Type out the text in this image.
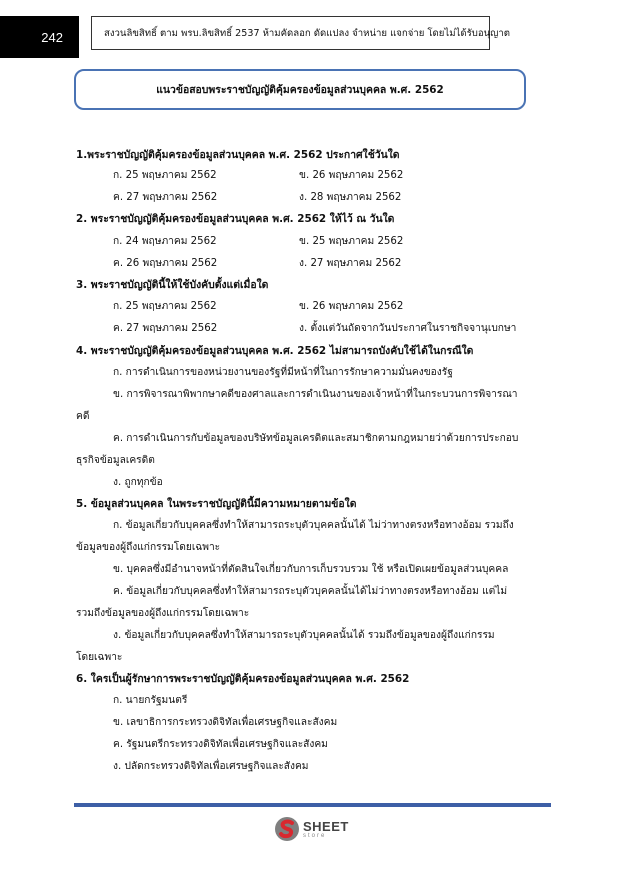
242	สงวนลิขสิทธิ์ ตาม พรบ.ลิขสิทธิ์ 2537 ห้ามคัดลอก ดัดแปลง จำหน่าย แจกจ่าย โดยไม่ได้รับอนุญาต
แนวข้อสอบพระราชบัญญัติคุ้มครองข้อมูลส่วนบุคคล พ.ศ. 2562
1.พระราชบัญญัติคุ้มครองข้อมูลส่วนบุคคล พ.ศ. 2562 ประกาศใช้วันใด
ก. 25 พฤษภาคม 2562	ข. 26 พฤษภาคม 2562
ค. 27 พฤษภาคม 2562	ง. 28 พฤษภาคม 2562
2. พระราชบัญญัติคุ้มครองข้อมูลส่วนบุคคล พ.ศ. 2562 ให้ไว้ ณ วันใด
ก. 24 พฤษภาคม 2562	ข. 25 พฤษภาคม 2562
ค. 26 พฤษภาคม 2562	ง. 27 พฤษภาคม 2562
3. พระราชบัญญัตินี้ให้ใช้บังคับตั้งแต่เมื่อใด
ก. 25 พฤษภาคม 2562	ข. 26 พฤษภาคม 2562
ค. 27 พฤษภาคม 2562	ง. ตั้งแต่วันถัดจากวันประกาศในราชกิจจานุเบกษา
4. พระราชบัญญัติคุ้มครองข้อมูลส่วนบุคคล พ.ศ. 2562 ไม่สามารถบังคับใช้ได้ในกรณีใด
ก. การดำเนินการของหน่วยงานของรัฐที่มีหน้าที่ในการรักษาความมั่นคงของรัฐ
ข. การพิจารณาพิพากษาคดีของศาลและการดำเนินงานของเจ้าหน้าที่ในกระบวนการพิจารณา
คดี
ค. การดำเนินการกับข้อมูลของบริษัทข้อมูลเครดิตและสมาชิกตามกฎหมายว่าด้วยการประกอบ
ธุรกิจข้อมูลเครดิต
ง. ถูกทุกข้อ
5. ข้อมูลส่วนบุคคล ในพระราชบัญญัตินี้มีความหมายตามข้อใด
ก. ข้อมูลเกี่ยวกับบุคคลซึ่งทำให้สามารถระบุตัวบุคคลนั้นได้ ไม่ว่าทางตรงหรือทางอ้อม รวมถึง
ข้อมูลของผู้ถึงแก่กรรมโดยเฉพาะ
ข. บุคคลซึ่งมีอำนาจหน้าที่ตัดสินใจเกี่ยวกับการเก็บรวบรวม ใช้ หรือเปิดเผยข้อมูลส่วนบุคคล
ค. ข้อมูลเกี่ยวกับบุคคลซึ่งทำให้สามารถระบุตัวบุคคลนั้นได้ไม่ว่าทางตรงหรือทางอ้อม แต่ไม่
รวมถึงข้อมูลของผู้ถึงแก่กรรมโดยเฉพาะ
ง. ข้อมูลเกี่ยวกับบุคคลซึ่งทำให้สามารถระบุตัวบุคคลนั้นได้ รวมถึงข้อมูลของผู้ถึงแก่กรรม
โดยเฉพาะ
6. ใครเป็นผู้รักษาการพระราชบัญญัติคุ้มครองข้อมูลส่วนบุคคล พ.ศ. 2562
ก. นายกรัฐมนตรี
ข. เลขาธิการกระทรวงดิจิทัลเพื่อเศรษฐกิจและสังคม
ค. รัฐมนตรีกระทรวงดิจิทัลเพื่อเศรษฐกิจและสังคม
ง. ปลัดกระทรวงดิจิทัลเพื่อเศรษฐกิจและสังคม
SHEET
store
